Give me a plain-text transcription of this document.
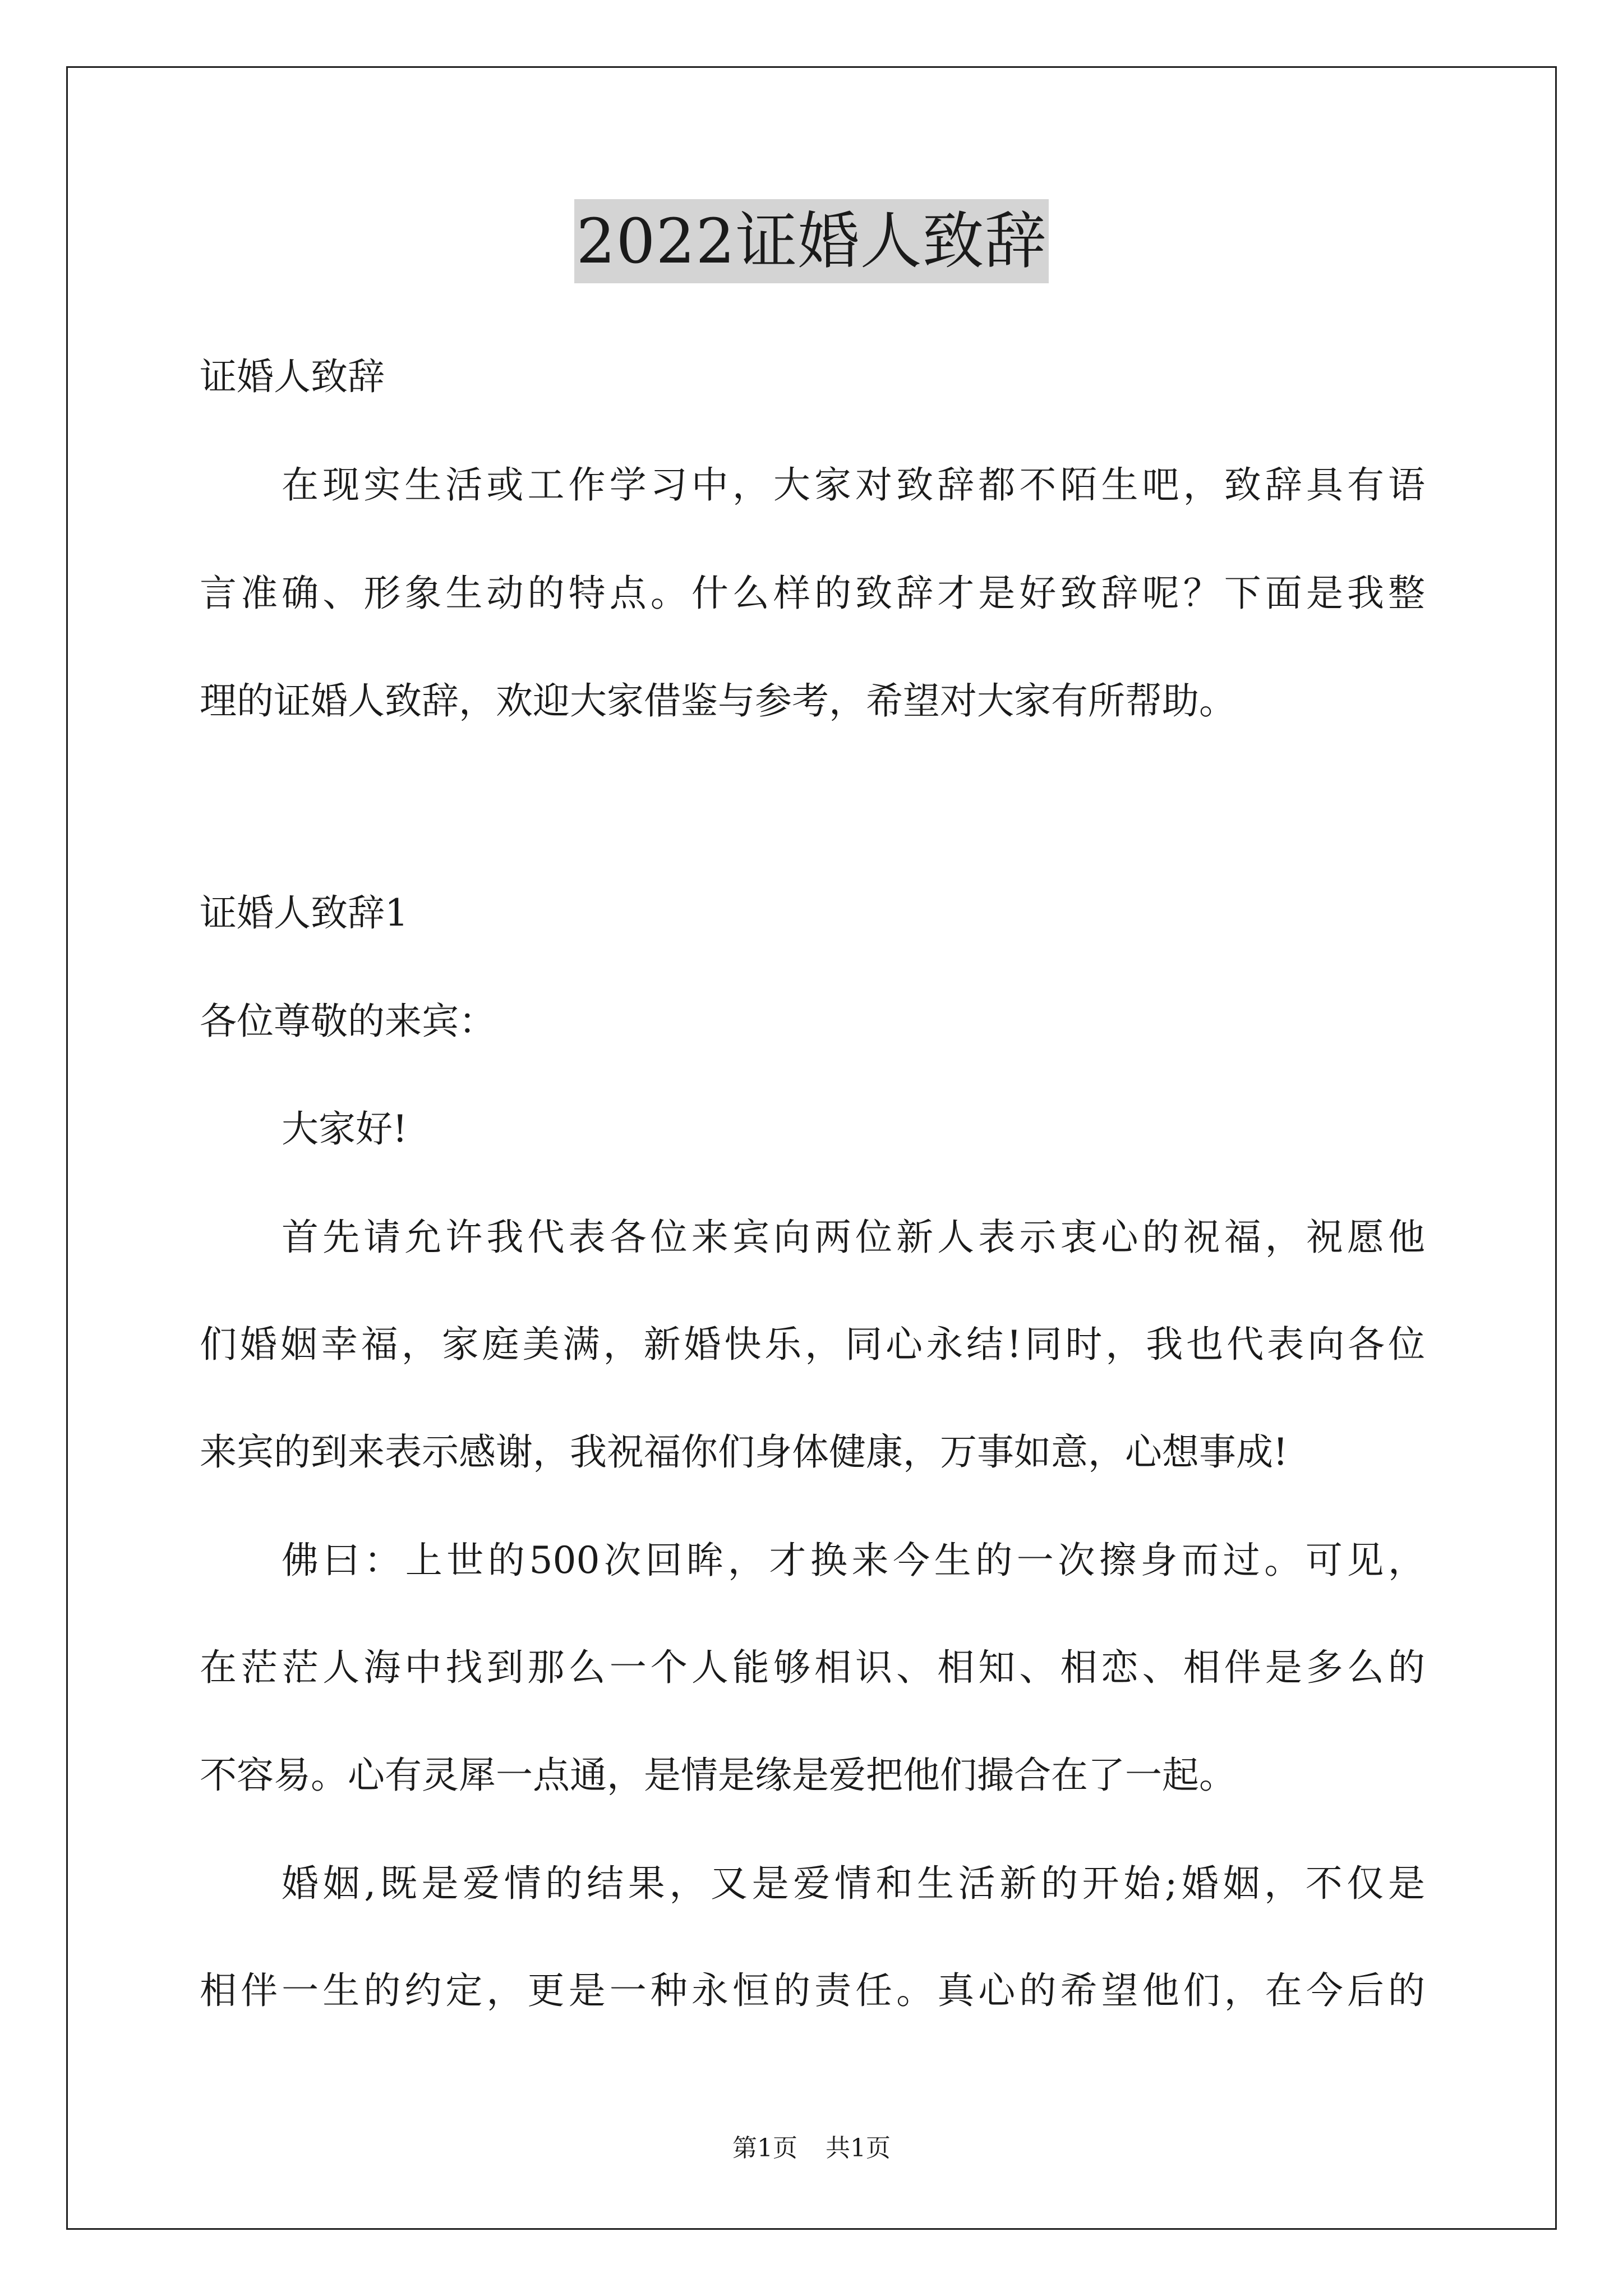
2022证婚人致辞
证婚人致辞
在现实生活或工作学习中，大家对致辞都不陌生吧，致辞具有语
言准确、形象生动的特点。什么样的致辞才是好致辞呢？下面是我整
理的证婚人致辞，欢迎大家借鉴与参考，希望对大家有所帮助。
证婚人致辞1
各位尊敬的来宾：
大家好!
首先请允许我代表各位来宾向两位新人表示衷心的祝福，祝愿他
们婚姻幸福，家庭美满，新婚快乐，同心永结!同时，我也代表向各位
来宾的到来表示感谢，我祝福你们身体健康，万事如意，心想事成!
佛曰：上世的500次回眸，才换来今生的一次擦身而过。可见，
在茫茫人海中找到那么一个人能够相识、相知、相恋、相伴是多么的
不容易。心有灵犀一点通，是情是缘是爱把他们撮合在了一起。
婚姻,既是爱情的结果，又是爱情和生活新的开始;婚姻，不仅是
相伴一生的约定，更是一种永恒的责任。真心的希望他们，在今后的
第1页 共1页
